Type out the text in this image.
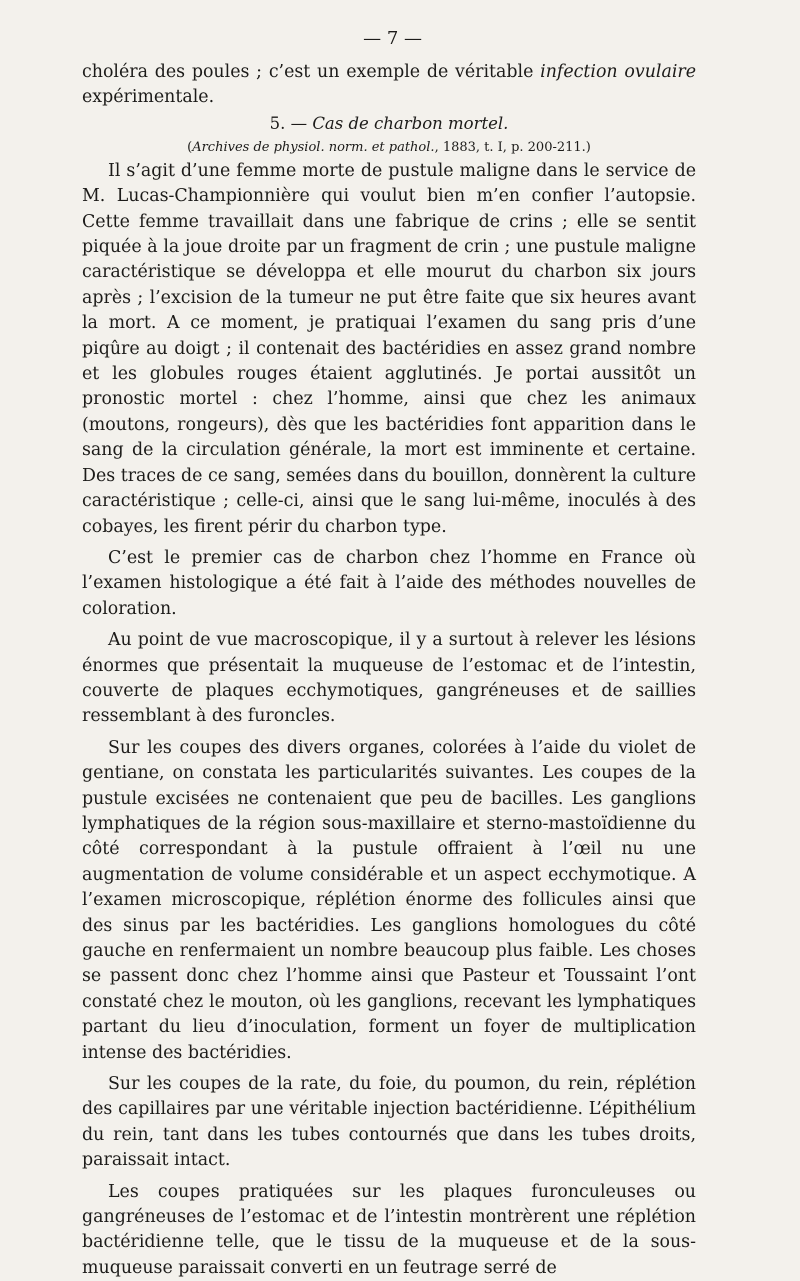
— 7 —

choléra des poules ; c’est un exemple de véritable infection ovulaire expérimentale.

5. — Cas de charbon mortel.

(Archives de physiol. norm. et pathol., 1883, t. I, p. 200-211.)

Il s’agit d’une femme morte de pustule maligne dans le service de M. Lucas-Championnière qui voulut bien m’en confier l’autopsie. Cette femme travaillait dans une fabrique de crins ; elle se sentit piquée à la joue droite par un fragment de crin ; une pustule maligne caractéristique se développa et elle mourut du charbon six jours après ; l’excision de la tumeur ne put être faite que six heures avant la mort. A ce moment, je pratiquai l’examen du sang pris d’une piqûre au doigt ; il contenait des bactéridies en assez grand nombre et les globules rouges étaient agglutinés. Je portai aussitôt un pronostic mortel : chez l’homme, ainsi que chez les animaux (moutons, rongeurs), dès que les bactéridies font apparition dans le sang de la circulation générale, la mort est imminente et certaine. Des traces de ce sang, semées dans du bouillon, donnèrent la culture caractéristique ; celle-ci, ainsi que le sang lui-même, inoculés à des cobayes, les firent périr du charbon type.

C’est le premier cas de charbon chez l’homme en France où l’examen histologique a été fait à l’aide des méthodes nouvelles de coloration.

Au point de vue macroscopique, il y a surtout à relever les lésions énormes que présentait la muqueuse de l’estomac et de l’intestin, couverte de plaques ecchymotiques, gangréneuses et de saillies ressemblant à des furoncles.

Sur les coupes des divers organes, colorées à l’aide du violet de gentiane, on constata les particularités suivantes. Les coupes de la pustule excisées ne contenaient que peu de bacilles. Les ganglions lymphatiques de la région sous-maxillaire et sterno-mastoïdienne du côté correspondant à la pustule offraient à l’œil nu une augmentation de volume considérable et un aspect ecchymotique. A l’examen microscopique, réplétion énorme des follicules ainsi que des sinus par les bactéridies. Les ganglions homologues du côté gauche en renfermaient un nombre beaucoup plus faible. Les choses se passent donc chez l’homme ainsi que Pasteur et Toussaint l’ont constaté chez le mouton, où les ganglions, recevant les lymphatiques partant du lieu d’inoculation, forment un foyer de multiplication intense des bactéridies.

Sur les coupes de la rate, du foie, du poumon, du rein, réplétion des capillaires par une véritable injection bactéridienne. L’épithélium du rein, tant dans les tubes contournés que dans les tubes droits, paraissait intact.

Les coupes pratiquées sur les plaques furonculeuses ou gangréneuses de l’estomac et de l’intestin montrèrent une réplétion bactéridienne telle, que le tissu de la muqueuse et de la sous-muqueuse paraissait converti en un feutrage serré de
